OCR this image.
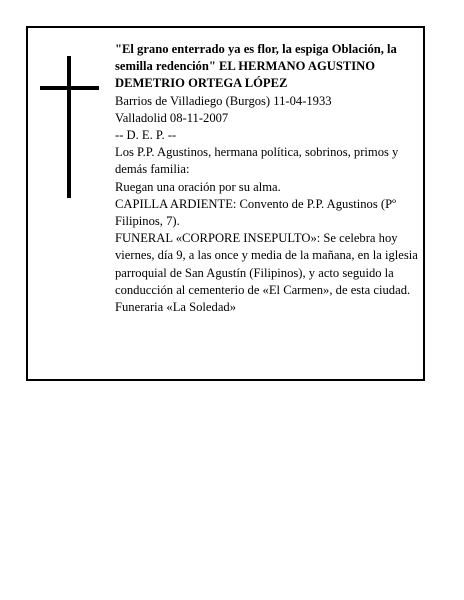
"El grano enterrado ya es flor, la espiga Oblación, la semilla redención" EL HERMANO AGUSTINO DEMETRIO ORTEGA LÓPEZ

Barrios de Villadiego (Burgos) 11-04-1933

Valladolid 08-11-2007

-- D. E. P. --

Los P.P. Agustinos, hermana política, sobrinos, primos y demás familia:

Ruegan una oración por su alma.

CAPILLA ARDIENTE: Convento de P.P. Agustinos (Pº Filipinos, 7).

FUNERAL «CORPORE INSEPULTO»: Se celebra hoy viernes, día 9, a las once y media de la mañana, en la iglesia parroquial de San Agustín (Filipinos), y acto seguido la conducción al cementerio de «El Carmen», de esta ciudad.

Funeraria «La Soledad»
